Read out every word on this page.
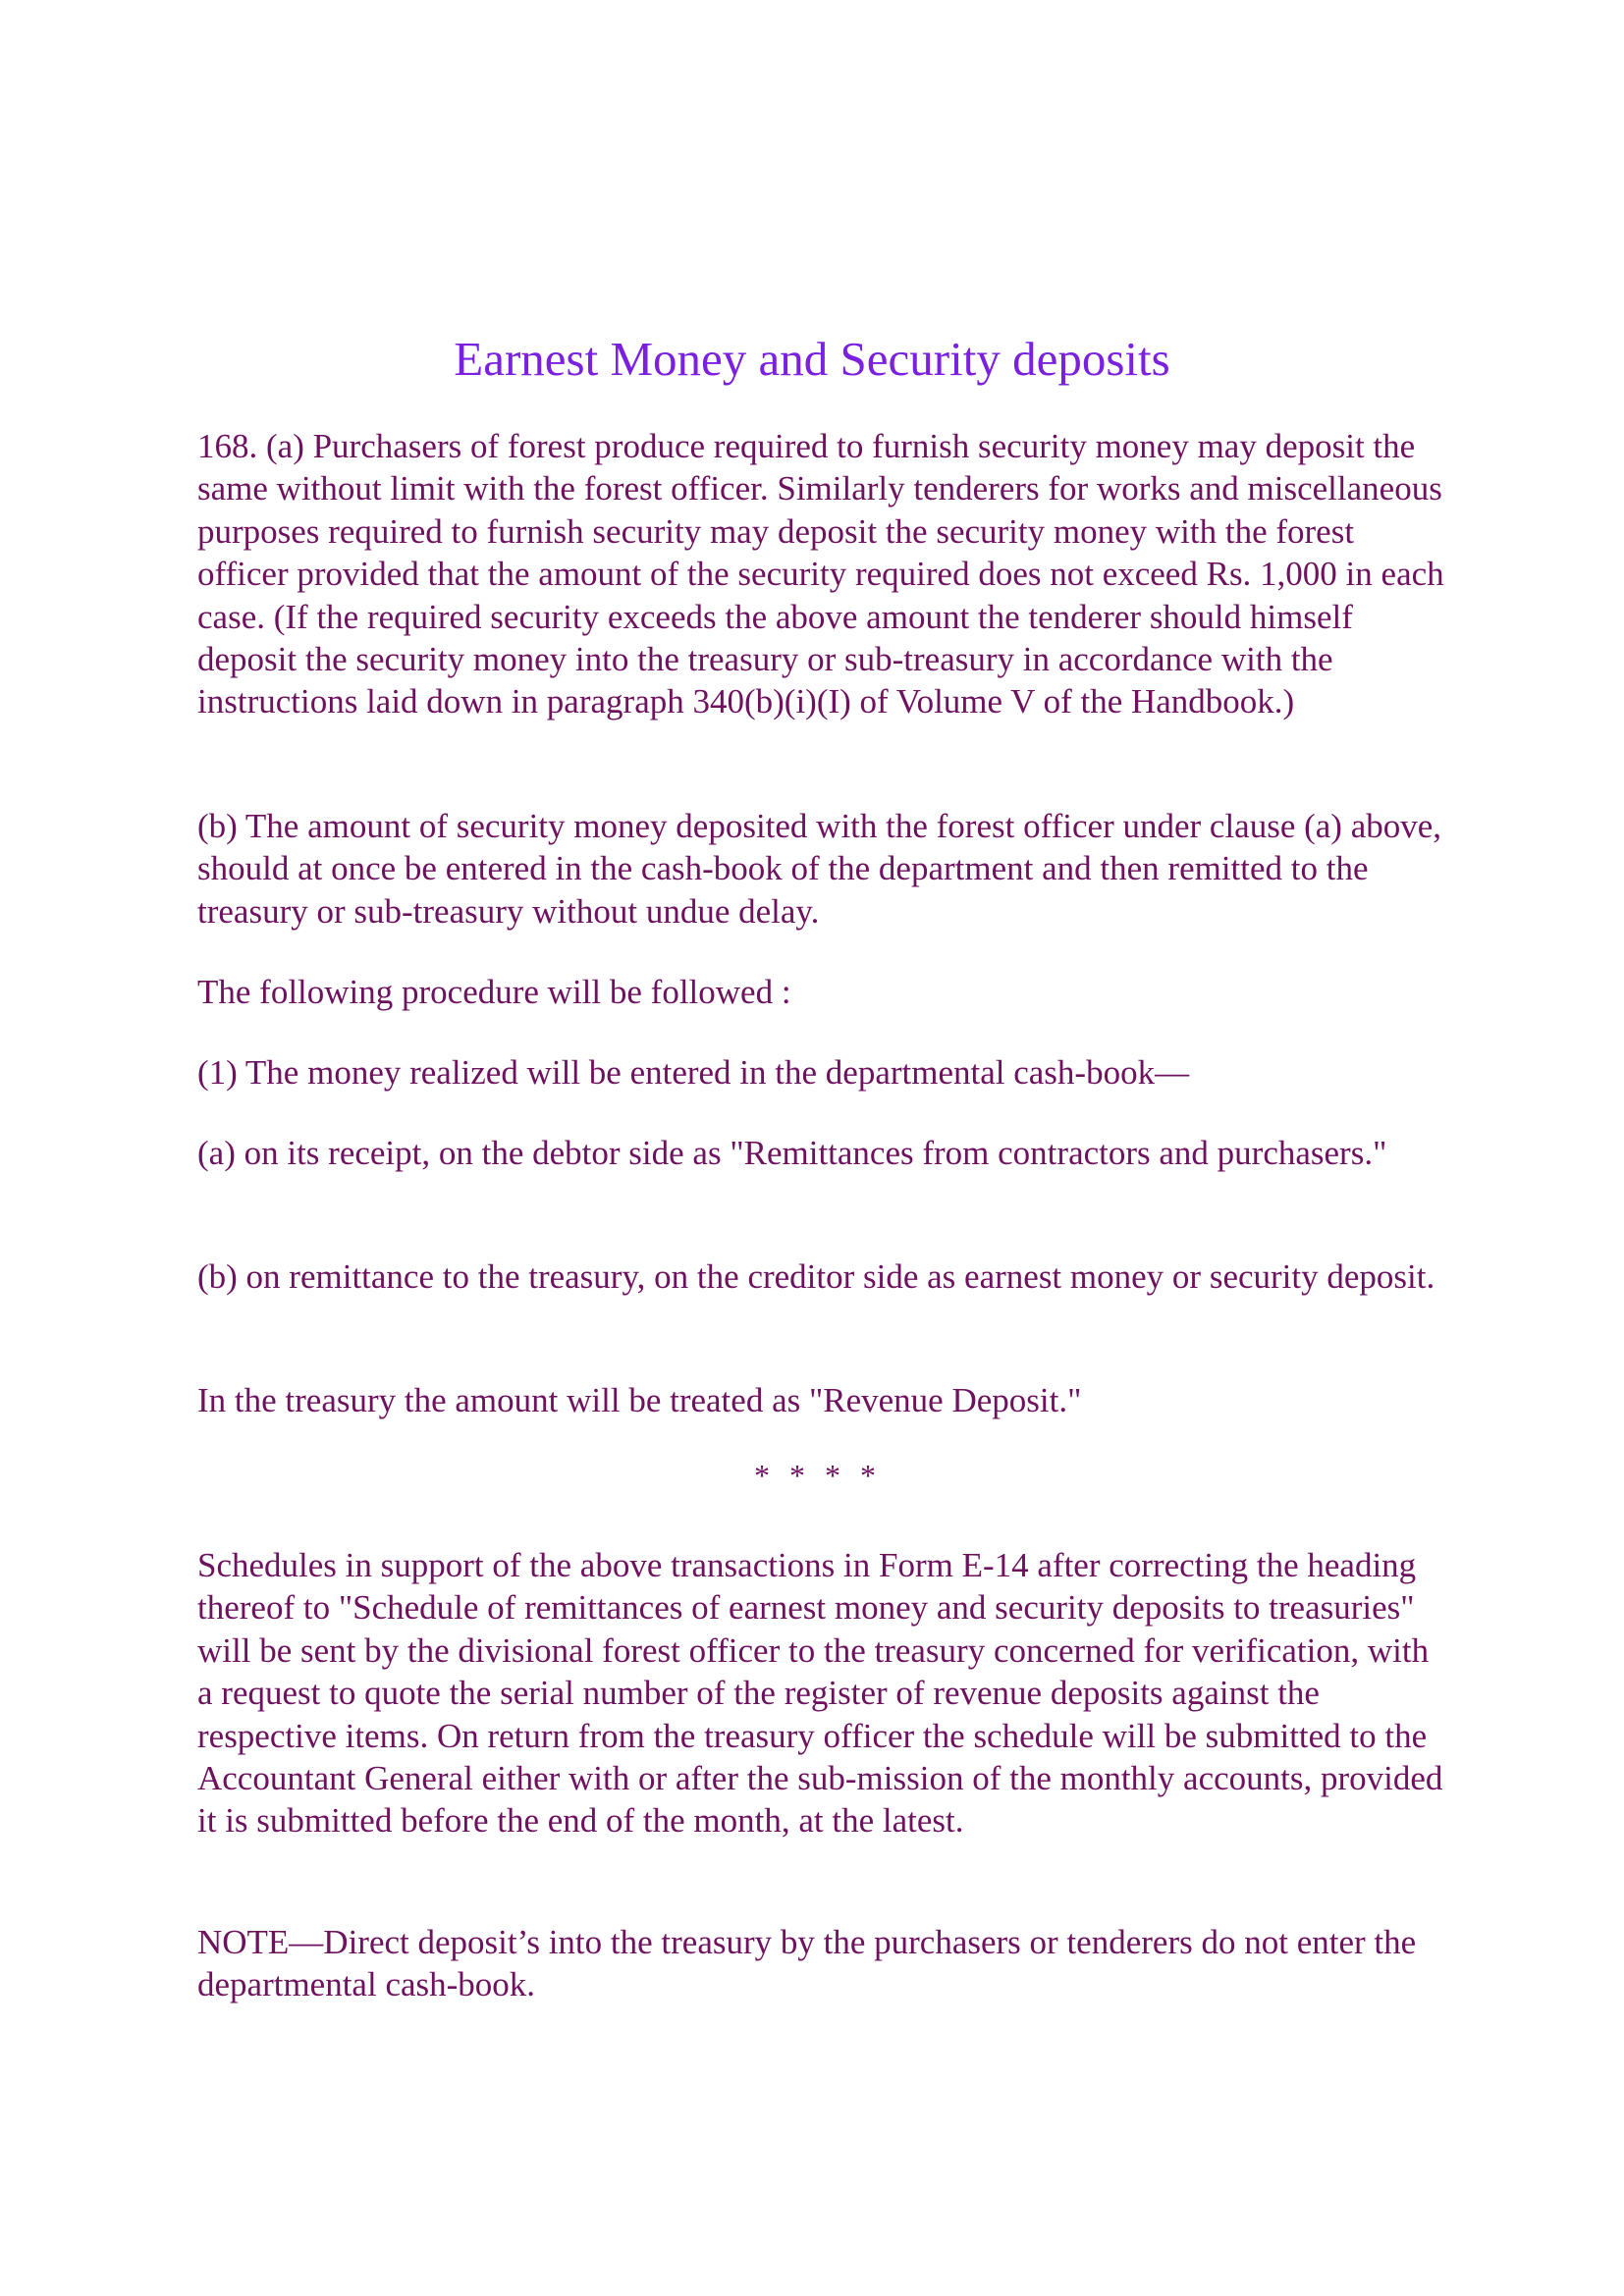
Earnest Money and Security deposits

168. (a) Purchasers of forest produce required to furnish security money may deposit the same without limit with the forest officer. Similarly tenderers for works and miscellaneous purposes required to furnish security may deposit the security money with the forest officer provided that the amount of the security required does not exceed Rs. 1,000 in each case. (If the required security exceeds the above amount the tenderer should himself deposit the security money into the treasury or sub-treasury in accordance with the instructions laid down in paragraph 340(b)(i)(I) of Volume V of the Handbook.)

(b) The amount of security money deposited with the forest officer under clause (a) above, should at once be entered in the cash-book of the department and then remitted to the treasury or sub-treasury without undue delay.

The following procedure will be followed :

(1) The money realized will be entered in the departmental cash-book—

(a) on its receipt, on the debtor side as "Remittances from contractors and purchasers."

(b) on remittance to the treasury, on the creditor side as earnest money or security deposit.

In the treasury the amount will be treated as "Revenue Deposit."

* * * *

Schedules in support of the above transactions in Form E-14 after correcting the heading thereof to "Schedule of remittances of earnest money and security deposits to treasuries" will be sent by the divisional forest officer to the treasury concerned for verification, with a request to quote the serial number of the register of revenue deposits against the respective items. On return from the treasury officer the schedule will be submitted to the Accountant General either with or after the sub-mission of the monthly accounts, provided it is submitted before the end of the month, at the latest.

NOTE—Direct deposit’s into the treasury by the purchasers or tenderers do not enter the departmental cash-book.
